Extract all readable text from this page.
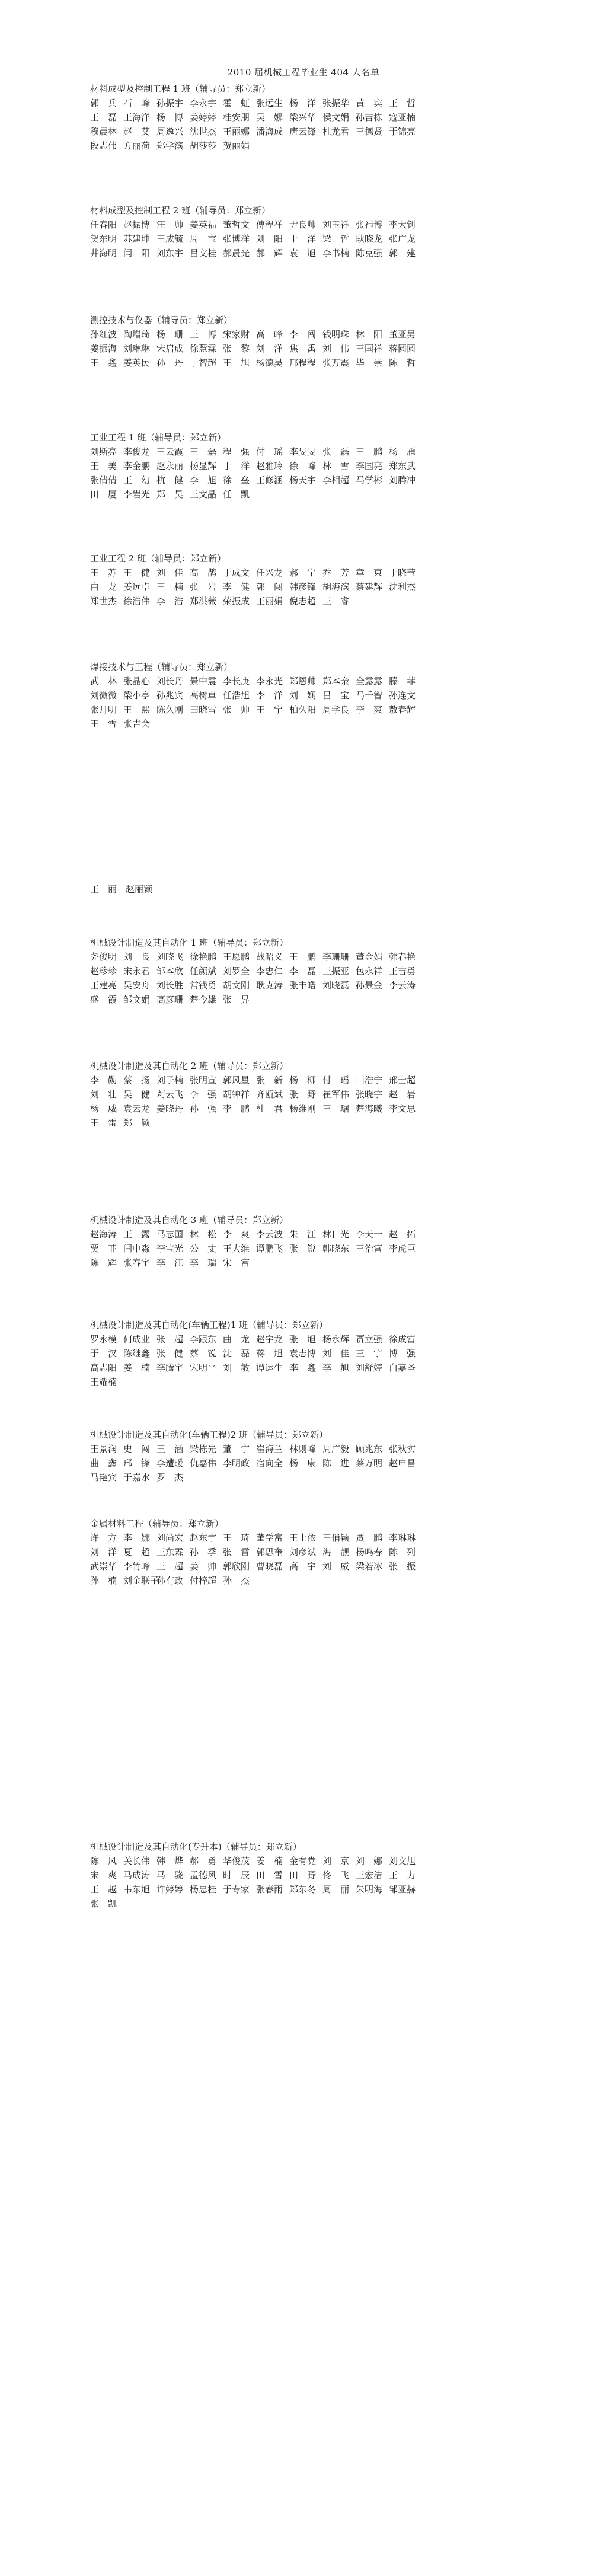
2010 届机械工程毕业生 404 人名单
材料成型及控制工程 1 班（辅导员：郑立新）
郭　兵 石　峰 孙振宇 李永宇 霍　虹 张远生 杨　洋 张振华 黄　宾 王　哲
王　磊 王海洋 杨　博 姜婷婷 桂安朋 吴　娜 梁兴华 侯文娟 孙吉栋 寇亚楠
穆晨林 赵　艾 周逸兴 沈世杰 王丽娜 潘海成 唐云锋 杜龙君 王德贤 于锦亮
段志伟 方丽荷 郑学滨 胡莎莎 贺丽娟
材料成型及控制工程 2 班（辅导员：郑立新）
任春阳 赵振博 汪　帅 姜英福 董哲文 傅程祥 尹良帅 刘玉祥 张祎博 李大钊
贺东明 苏建坤 王成毓 周　宝 张博洋 刘　阳 于　洋 梁　哲 耿晓龙 张广龙
井海明 闫　阳 刘东宇 吕文桂 郝晨光 郝　辉 袁　旭 李书楠 陈克强 郭　建
测控技术与仪器（辅导员：郑立新）
孙红波 陶增琦 杨　珊 王　博 宋家财 高　峰 李　闯 钱明珠 林　阳 董亚男
姜振海 刘琳琳 宋启成 徐慧霖 张　黎 刘　洋 焦　禹 刘　伟 王国祥 蒋圆圆
王　鑫 姜英民 孙　丹 于智超 王　旭 杨德昊 邢程程 张万震 毕　崇 陈　哲
工业工程 1 班（辅导员：郑立新）
刘斯亮 李俊龙 王云霞 王　磊 程　强 付　瑶 李旻旻 张　磊 王　鹏 杨　雁
王　美 李金鹏 赵永丽 杨显辉 于　洋 赵雅玲 徐　峰 林　雪 李国亮 郑东武
张倩倩 王　幻 杭　健 李　旭 徐　垒 王修涵 杨天宇 李相超 马学彬 刘腾冲
田　厦 李岩光 郑　昊 王文晶 任　凯
工业工程 2 班（辅导员：郑立新）
王　苏 王　健 刘　佳 高　鹊 于成文 任兴龙 郝　宁 乔　芳 章　東 于晓莹
白　龙 姜远卓 王　楠 张　岩 李　健 郭　闯 韩彦锋 胡海滨 蔡建辉 沈利杰
郑世杰 徐浩伟 李　浩 郑洪薇 荣振成 王丽娟 倪志超 王　睿
焊接技术与工程（辅导员：郑立新）
武　林 张晶心 刘长丹 景中震 李长庚 李永光 郑恩帅 郑本亲 全露露 滕　菲
刘微微 梁小亭 孙兆宾 高树卓 任浩旭 李　洋 刘　娴 吕　宝 马千智 孙连文
张月明 王　熙 陈久刚 田晓雪 张　帅 王　宁 柏久阳 周学良 李　爽 敖春辉
王　雪 张吉会
王　丽　赵丽颖
机械设计制造及其自动化 1 班（辅导员：郑立新）
尧俊明 刘　良 刘晓飞 徐艳鹏 王愿鹏 战昭义 王　鹏 李珊珊 董金娟 韩春艳
赵珍珍 宋永君 邹本欣 任颜斌 刘罗全 李忠仁 李　磊 王振亚 包永祥 王吉勇
王建亮 吴安舟 刘长胜 常钱勇 胡文刚 耿克涛 张丰皓 刘晓磊 孙景金 李云涛
盛　霞 邹文娟 高彦珊 楚今雄 张　昇
机械设计制造及其自动化 2 班（辅导员：郑立新）
李　勋 蔡　扬 刘子楠 张明宣 郭风星 张　新 杨　柳 付　瑶 田浩宁 邢士超
刘　壮 吴　健 莉云飞 李　强 胡钟祥 齐瓯斌 张　野 崔军伟 张晓宇 赵　岩
杨　威 袁云龙 姜晓丹 孙　强 李　鹏 杜　君 杨维刚 王　琚 楚海曦 李文思
王　雷 郑　颖
机械设计制造及其自动化 3 班（辅导员：郑立新）
赵海涛 王　露 马志国 林　松 李　爽 李云波 朱　江 林日光 李天一 赵　拓
贾　菲 闫中淼 李宝光 公　丈 王大维 谭鹏飞 张　锐 韩晓东 王治富 李虎臣
陈　辉 张春宇 李　江 李　瑞 宋　富
机械设计制造及其自动化(车辆工程)1 班（辅导员：郑立新）
罗永模 何成业 张　超 李跟东 曲　龙 赵宇龙 张　旭 杨永辉 贾立强 徐成富
于　汉 陈继鑫 张　健 蔡　锐 沈　磊 蒋　旭 袁志博 刘　佳 王　宇 博　强
高志阳 姜　楠 李腾宇 宋明平 刘　敏 谭运生 李　鑫 李　旭 刘舒婷 白嘉圣
王耀楠
机械设计制造及其自动化(车辆工程)2 班（辅导员：郑立新）
王景润 史　闯 王　涵 梁栋先 董　宁 崔海兰 林则峰 周广毅 顾兆东 张秋实
曲　鑫 邢　锋 李遭暖 仇嘉伟 李明政 宿向全 杨　康 陈　进 蔡万明 赵申昌
马艳宾 于嘉水 罗　杰
金属材料工程（辅导员：郑立新）
许　方 李　娜 刘尚宏 赵东宇 王　琦 董学富 王士依 王俏颖 贾　鹏 李琳琳
刘　洋 夏　超 王东霖 孙　季 张　雷 郭思奎 刘彦斌 海　靓 杨鸣春 陈　列
武崇华 李竹峰 王　超 姜　帅 郭欣刚 曹晓磊 高　宇 刘　威 梁若冰 张　振
孙　楠 刘金联子
孙有政 付梓超 孙　杰
机械设计制造及其自动化(专升本)（辅导员：郑立新）
陈　风 关长伟 韩　烨 郝　勇 华俊茂 姜　楠 金有党 刘　京 刘　娜 刘文旭
宋　爽 马成涛 马　骁 孟德风 时　辰 田　雪 田　野 佟　飞 王宏洁 王　力
王　越 韦东旭 许婷婷 杨忠桂 于专家 张春雨 郑东冬 周　丽 朱明海 邹亚赫
张　凯
